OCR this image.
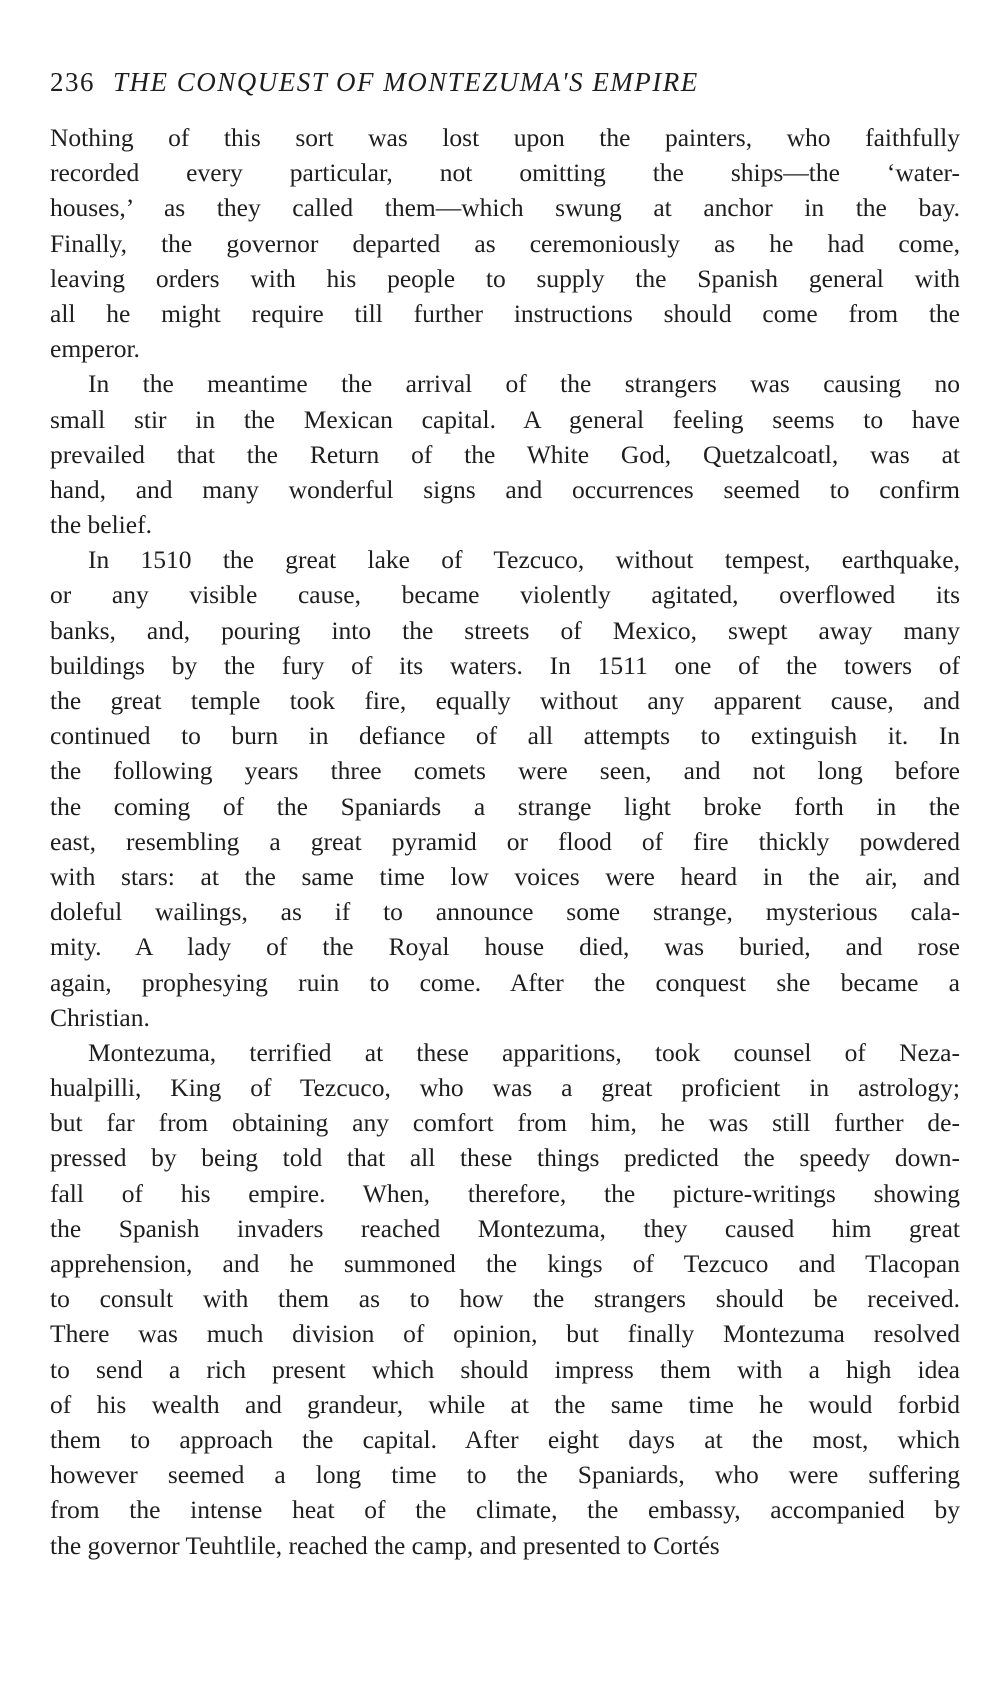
236 THE CONQUEST OF MONTEZUMA'S EMPIRE
Nothing of this sort was lost upon the painters, who faithfully
recorded every particular, not omitting the ships—the ‘water-
houses,’ as they called them—which swung at anchor in the bay.
Finally, the governor departed as ceremoniously as he had come,
leaving orders with his people to supply the Spanish general with
all he might require till further instructions should come from the
emperor.
In the meantime the arrival of the strangers was causing no
small stir in the Mexican capital. A general feeling seems to have
prevailed that the Return of the White God, Quetzalcoatl, was at
hand, and many wonderful signs and occurrences seemed to confirm
the belief.
In 1510 the great lake of Tezcuco, without tempest, earthquake,
or any visible cause, became violently agitated, overflowed its
banks, and, pouring into the streets of Mexico, swept away many
buildings by the fury of its waters. In 1511 one of the towers of
the great temple took fire, equally without any apparent cause, and
continued to burn in defiance of all attempts to extinguish it. In
the following years three comets were seen, and not long before
the coming of the Spaniards a strange light broke forth in the
east, resembling a great pyramid or flood of fire thickly powdered
with stars: at the same time low voices were heard in the air, and
doleful wailings, as if to announce some strange, mysterious cala-
mity. A lady of the Royal house died, was buried, and rose
again, prophesying ruin to come. After the conquest she became a
Christian.
Montezuma, terrified at these apparitions, took counsel of Neza-
hualpilli, King of Tezcuco, who was a great proficient in astrology;
but far from obtaining any comfort from him, he was still further de-
pressed by being told that all these things predicted the speedy down-
fall of his empire. When, therefore, the picture-writings showing
the Spanish invaders reached Montezuma, they caused him great
apprehension, and he summoned the kings of Tezcuco and Tlacopan
to consult with them as to how the strangers should be received.
There was much division of opinion, but finally Montezuma resolved
to send a rich present which should impress them with a high idea
of his wealth and grandeur, while at the same time he would forbid
them to approach the capital. After eight days at the most, which
however seemed a long time to the Spaniards, who were suffering
from the intense heat of the climate, the embassy, accompanied by
the governor Teuhtlile, reached the camp, and presented to Cortés
